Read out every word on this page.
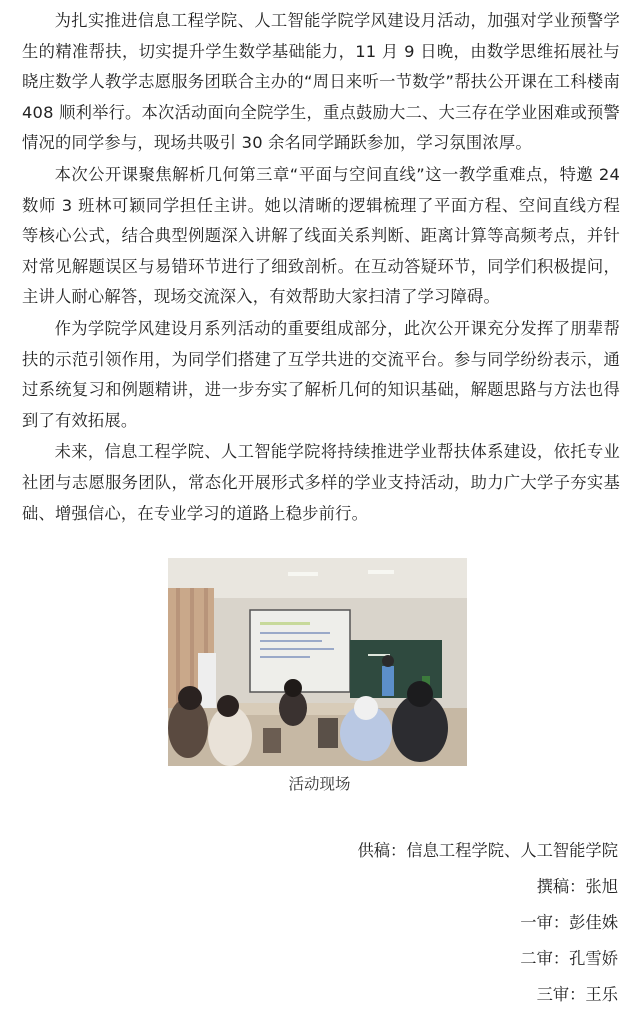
为扎实推进信息工程学院、人工智能学院学风建设月活动，加强对学业预警学生的精准帮扶，切实提升学生数学基础能力，11 月 9 日晚，由数学思维拓展社与晓庄数学人教学志愿服务团联合主办的“周日来听一节数学”帮扶公开课在工科楼南 408 顺利举行。本次活动面向全院学生，重点鼓励大二、大三存在学业困难或预警情况的同学参与，现场共吸引 30 余名同学踊跃参加，学习氛围浓厚。

本次公开课聚焦解析几何第三章“平面与空间直线”这一教学重难点，特邀 24 数师 3 班林可颖同学担任主讲。她以清晰的逻辑梳理了平面方程、空间直线方程等核心公式，结合典型例题深入讲解了线面关系判断、距离计算等高频考点，并针对常见解题误区与易错环节进行了细致剖析。在互动答疑环节，同学们积极提问，主讲人耐心解答，现场交流深入，有效帮助大家扫清了学习障碍。

作为学院学风建设月系列活动的重要组成部分，此次公开课充分发挥了朋辈帮扶的示范引领作用，为同学们搭建了互学共进的交流平台。参与同学纷纷表示，通过系统复习和例题精讲，进一步夯实了解析几何的知识基础，解题思路与方法也得到了有效拓展。

未来，信息工程学院、人工智能学院将持续推进学业帮扶体系建设，依托专业社团与志愿服务团队，常态化开展形式多样的学业支持活动，助力广大学子夯实基础、增强信心，在专业学习的道路上稳步前行。

活动现场
供稿：信息工程学院、人工智能学院
撰稿：张旭
一审：彭佳姝
二审：孔雪娇
三审：王乐
